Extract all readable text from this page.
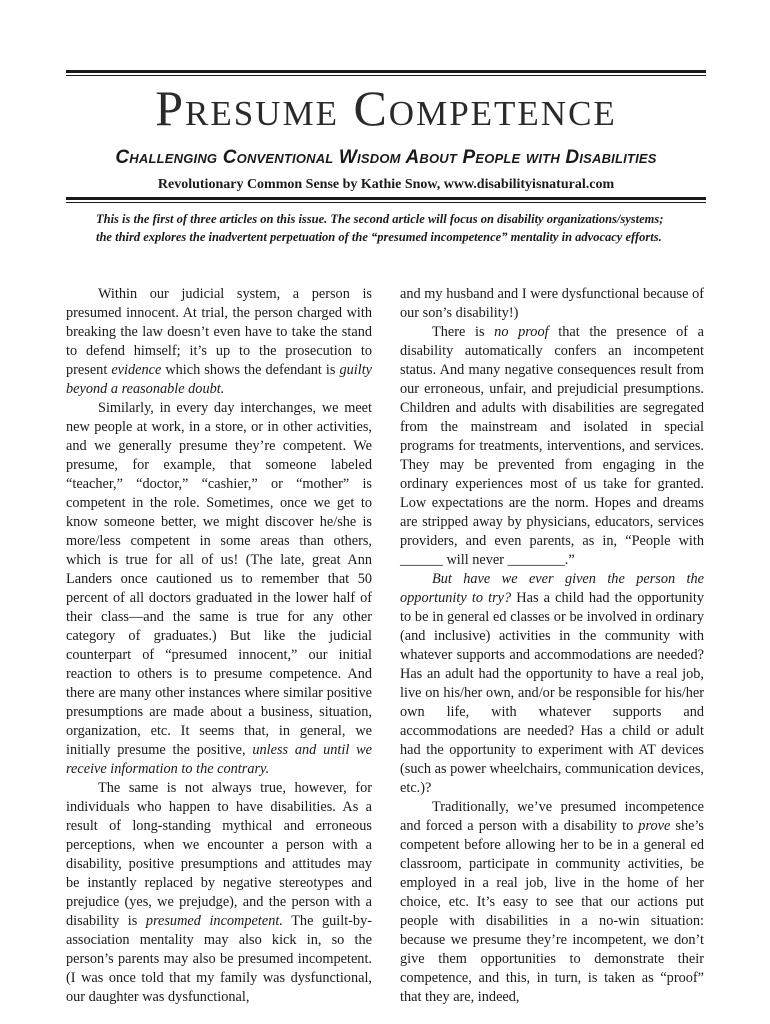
Presume Competence
Challenging Conventional Wisdom About People with Disabilities
Revolutionary Common Sense by Kathie Snow, www.disabilityisnatural.com
This is the first of three articles on this issue. The second article will focus on disability organizations/systems; the third explores the inadvertent perpetuation of the “presumed incompetence” mentality in advocacy efforts.

Within our judicial system, a person is presumed innocent. At trial, the person charged with breaking the law doesn’t even have to take the stand to defend himself; it’s up to the prosecution to present evidence which shows the defendant is guilty beyond a reasonable doubt.

Similarly, in every day interchanges, we meet new people at work, in a store, or in other activities, and we generally presume they’re competent. We presume, for example, that someone labeled “teacher,” “doctor,” “cashier,” or “mother” is competent in the role. Sometimes, once we get to know someone better, we might discover he/she is more/less competent in some areas than others, which is true for all of us! (The late, great Ann Landers once cautioned us to remember that 50 percent of all doctors graduated in the lower half of their class—and the same is true for any other category of graduates.) But like the judicial counterpart of “presumed innocent,” our initial reaction to others is to presume competence. And there are many other instances where similar positive presumptions are made about a business, situation, organization, etc. It seems that, in general, we initially presume the positive, unless and until we receive information to the contrary.

The same is not always true, however, for individuals who happen to have disabilities. As a result of long-standing mythical and erroneous perceptions, when we encounter a person with a disability, positive presumptions and attitudes may be instantly replaced by negative stereotypes and prejudice (yes, we prejudge), and the person with a disability is presumed incompetent. The guilt-by-association mentality may also kick in, so the person’s parents may also be presumed incompetent. (I was once told that my family was dysfunctional, our daughter was dysfunctional,

and my husband and I were dysfunctional because of our son’s disability!)

There is no proof that the presence of a disability automatically confers an incompetent status. And many negative consequences result from our erroneous, unfair, and prejudicial presumptions. Children and adults with disabilities are segregated from the mainstream and isolated in special programs for treatments, interventions, and services. They may be prevented from engaging in the ordinary experiences most of us take for granted. Low expectations are the norm. Hopes and dreams are stripped away by physicians, educators, services providers, and even parents, as in, “People with ______ will never ________.”

But have we ever given the person the opportunity to try? Has a child had the opportunity to be in general ed classes or be involved in ordinary (and inclusive) activities in the community with whatever supports and accommodations are needed? Has an adult had the opportunity to have a real job, live on his/her own, and/or be responsible for his/her own life, with whatever supports and accommodations are needed? Has a child or adult had the opportunity to experiment with AT devices (such as power wheelchairs, communication devices, etc.)?

Traditionally, we’ve presumed incompetence and forced a person with a disability to prove she’s competent before allowing her to be in a general ed classroom, participate in community activities, be employed in a real job, live in the home of her choice, etc. It’s easy to see that our actions put people with disabilities in a no-win situation: because we presume they’re incompetent, we don’t give them opportunities to demonstrate their competence, and this, in turn, is taken as “proof” that they are, indeed,
